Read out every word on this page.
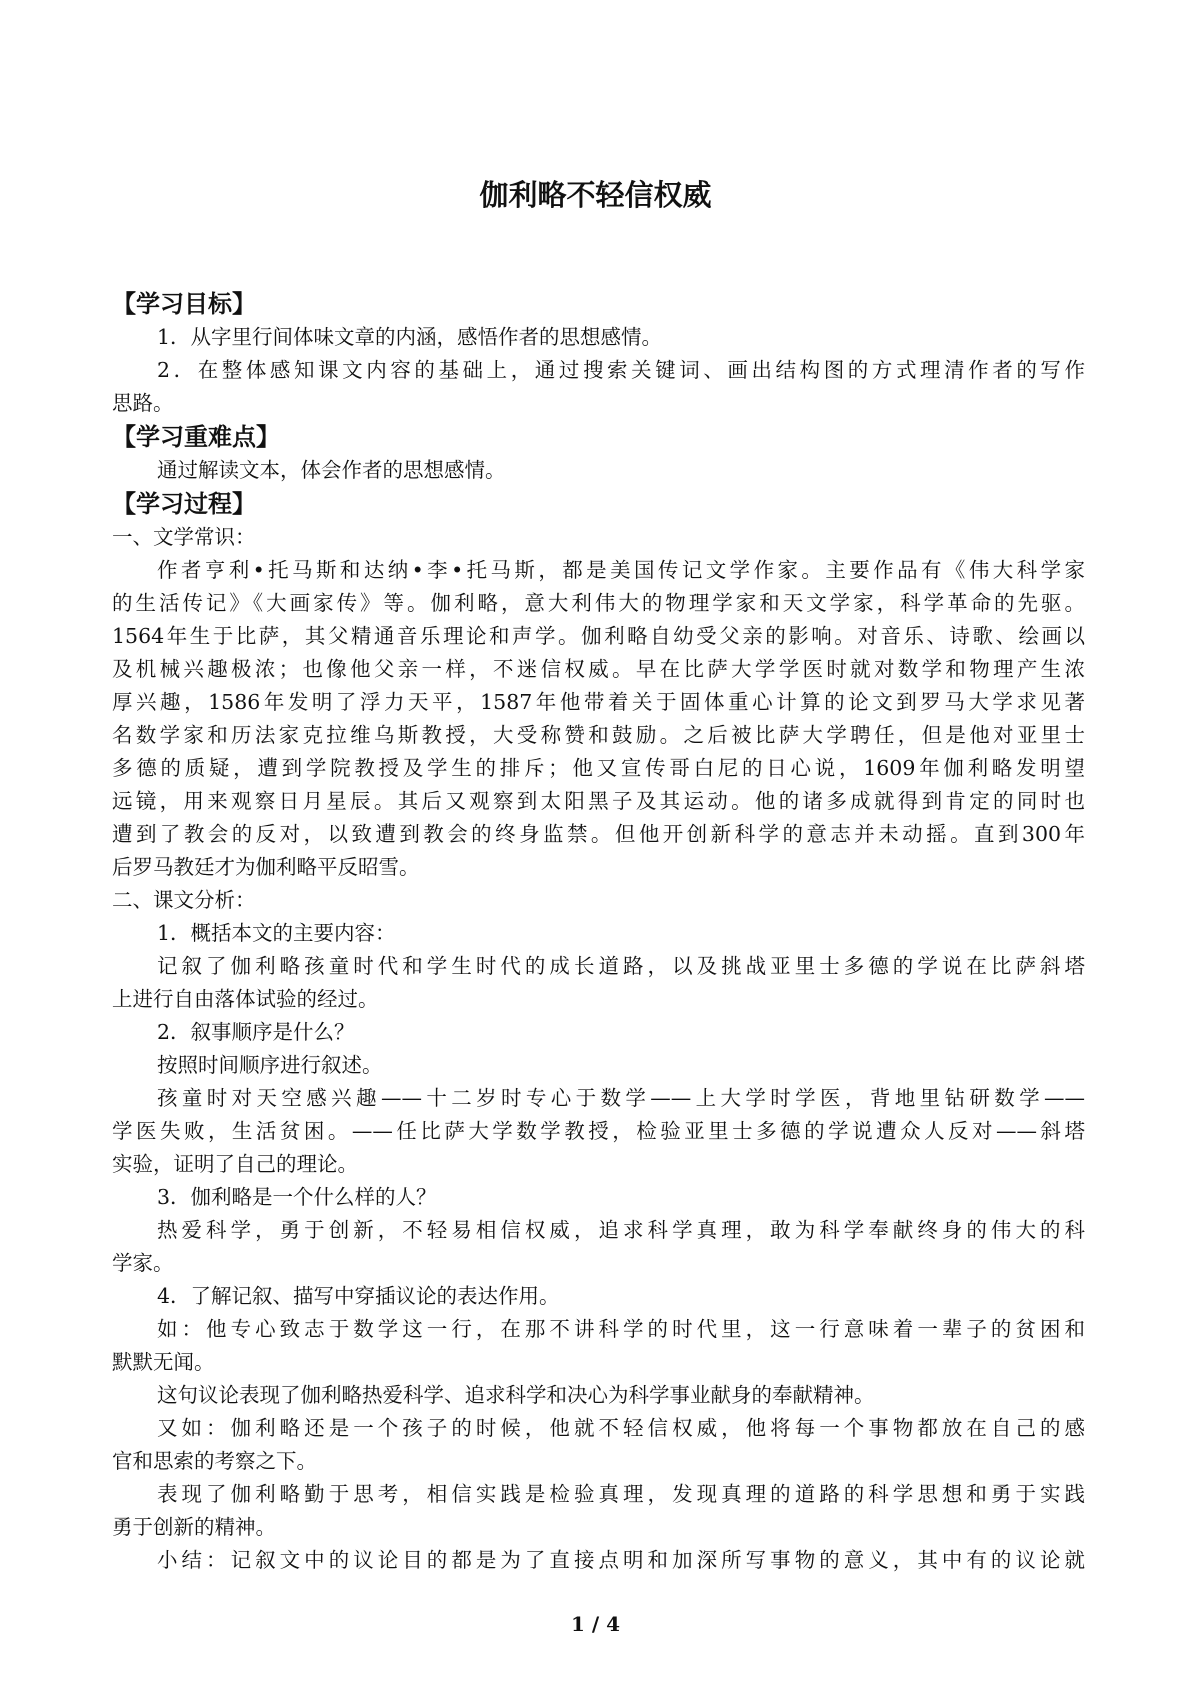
伽利略不轻信权威
【学习目标】
1．从字里行间体味文章的内涵，感悟作者的思想感情。
2．在整体感知课文内容的基础上，通过搜索关键词、画出结构图的方式理清作者的写作
思路。
【学习重难点】
通过解读文本，体会作者的思想感情。
【学习过程】
一、文学常识：
作者亨利•托马斯和达纳•李•托马斯，都是美国传记文学作家。主要作品有《伟大科学家
的生活传记》《大画家传》等。伽利略，意大利伟大的物理学家和天文学家，科学革命的先驱。
1564年生于比萨，其父精通音乐理论和声学。伽利略自幼受父亲的影响。对音乐、诗歌、绘画以
及机械兴趣极浓；也像他父亲一样，不迷信权威。早在比萨大学学医时就对数学和物理产生浓
厚兴趣，1586年发明了浮力天平，1587年他带着关于固体重心计算的论文到罗马大学求见著
名数学家和历法家克拉维乌斯教授，大受称赞和鼓励。之后被比萨大学聘任，但是他对亚里士
多德的质疑，遭到学院教授及学生的排斥；他又宣传哥白尼的日心说，1609年伽利略发明望
远镜，用来观察日月星辰。其后又观察到太阳黑子及其运动。他的诸多成就得到肯定的同时也
遭到了教会的反对，以致遭到教会的终身监禁。但他开创新科学的意志并未动摇。直到300年
后罗马教廷才为伽利略平反昭雪。
二、课文分析：
1．概括本文的主要内容：
记叙了伽利略孩童时代和学生时代的成长道路，以及挑战亚里士多德的学说在比萨斜塔
上进行自由落体试验的经过。
2．叙事顺序是什么？
按照时间顺序进行叙述。
孩童时对天空感兴趣——十二岁时专心于数学——上大学时学医，背地里钻研数学——
学医失败，生活贫困。——任比萨大学数学教授，检验亚里士多德的学说遭众人反对——斜塔
实验，证明了自己的理论。
3．伽利略是一个什么样的人？
热爱科学，勇于创新，不轻易相信权威，追求科学真理，敢为科学奉献终身的伟大的科
学家。
4．了解记叙、描写中穿插议论的表达作用。
如：他专心致志于数学这一行，在那不讲科学的时代里，这一行意味着一辈子的贫困和
默默无闻。
这句议论表现了伽利略热爱科学、追求科学和决心为科学事业献身的奉献精神。
又如：伽利略还是一个孩子的时候，他就不轻信权威，他将每一个事物都放在自己的感
官和思索的考察之下。
表现了伽利略勤于思考，相信实践是检验真理，发现真理的道路的科学思想和勇于实践
勇于创新的精神。
小结：记叙文中的议论目的都是为了直接点明和加深所写事物的意义，其中有的议论就
1 / 4
